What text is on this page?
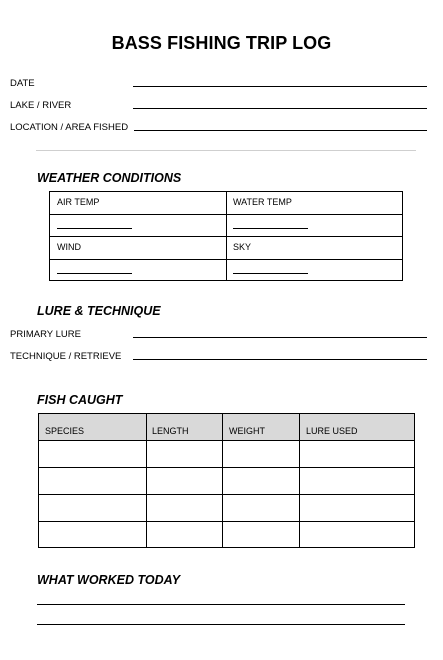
BASS FISHING TRIP LOG
DATE
LAKE / RIVER
LOCATION / AREA FISHED
WEATHER CONDITIONS
AIR TEMP	WATER TEMP
WIND	SKY
LURE & TECHNIQUE
PRIMARY LURE
TECHNIQUE / RETRIEVE
FISH CAUGHT
SPECIES	LENGTH	WEIGHT	LURE USED
WHAT WORKED TODAY
